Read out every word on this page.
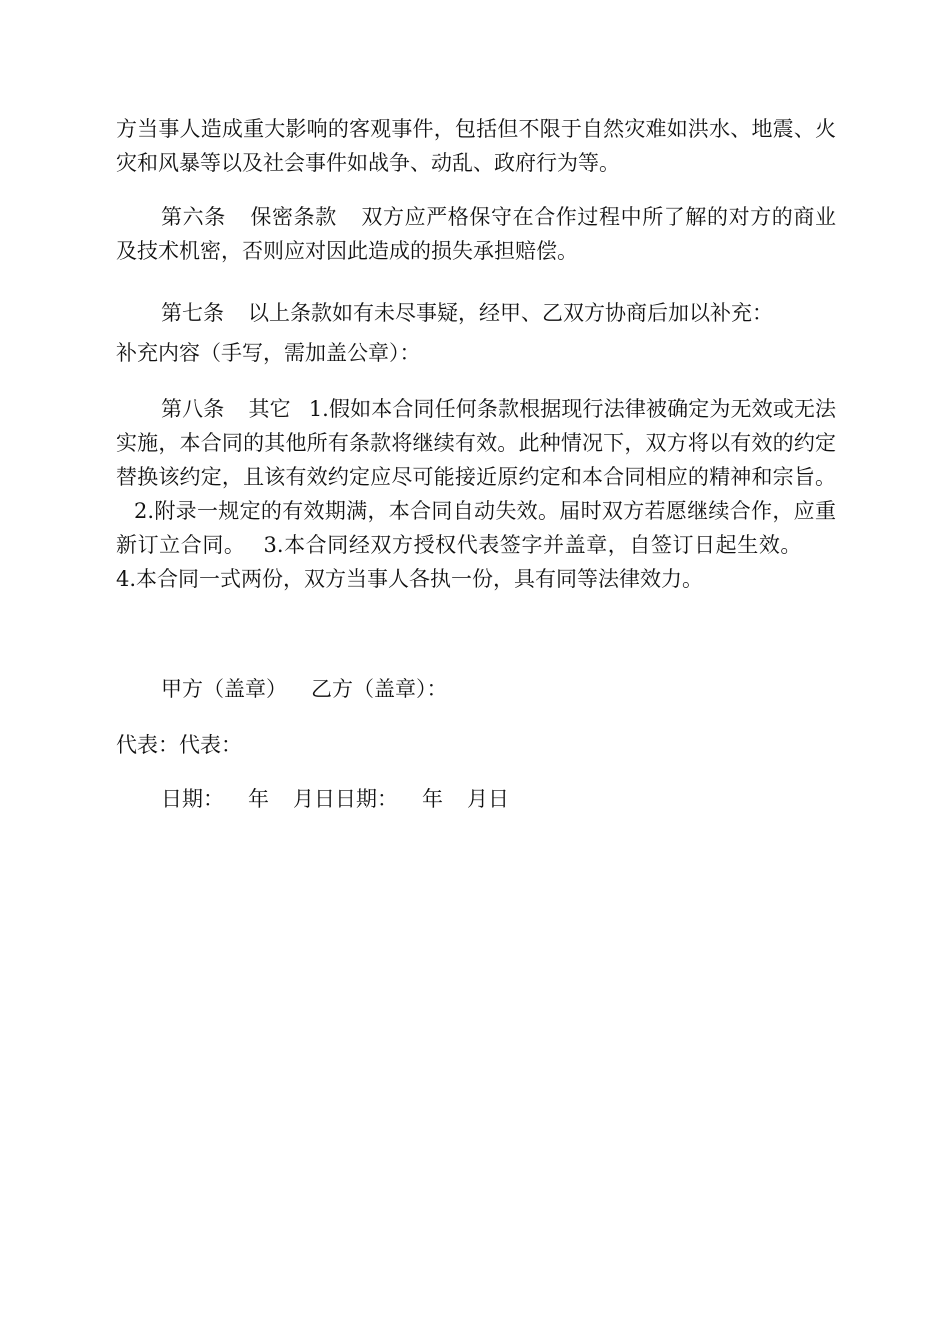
方当事人造成重大影响的客观事件，包括但不限于自然灾难如洪水、地震、火灾和风暴等以及社会事件如战争、动乱、政府行为等。

第六条 保密条款 双方应严格保守在合作过程中所了解的对方的商业及技术机密，否则应对因此造成的损失承担赔偿。

第七条 以上条款如有未尽事疑，经甲、乙双方协商后加以补充：

补充内容（手写，需加盖公章）：

第八条 其它 1.假如本合同任何条款根据现行法律被确定为无效或无法实施，本合同的其他所有条款将继续有效。此种情况下，双方将以有效的约定替换该约定，且该有效约定应尽可能接近原约定和本合同相应的精神和宗旨。2.附录一规定的有效期满，本合同自动失效。届时双方若愿继续合作，应重新订立合同。 3.本合同经双方授权代表签字并盖章，自签订日起生效。4.本合同一式两份，双方当事人各执一份，具有同等法律效力。

甲方（盖章） 乙方（盖章）：

代表：代表：

日期： 年 月日日期： 年 月日
